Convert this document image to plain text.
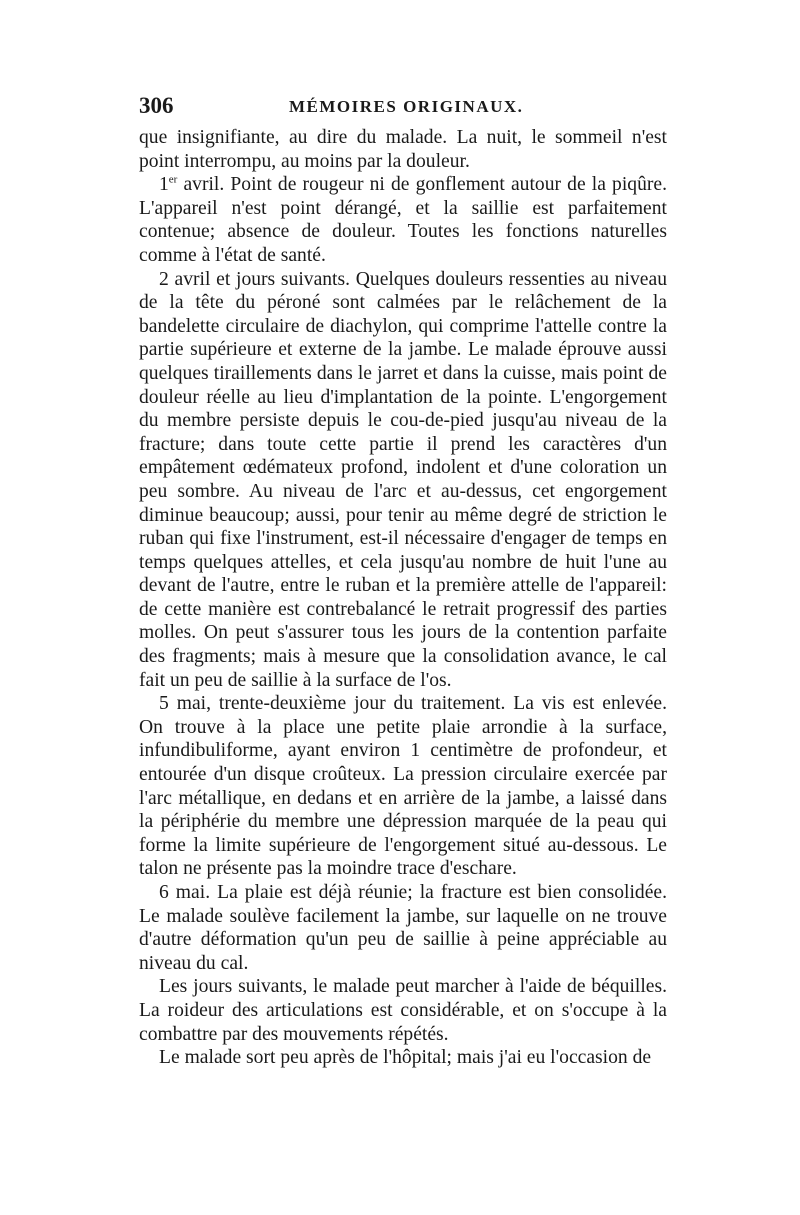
306	MÉMOIRES ORIGINAUX.

que insignifiante, au dire du malade. La nuit, le sommeil n'est point interrompu, au moins par la douleur.

1er avril. Point de rougeur ni de gonflement autour de la piqûre. L'appareil n'est point dérangé, et la saillie est parfaitement contenue; absence de douleur. Toutes les fonctions naturelles comme à l'état de santé.

2 avril et jours suivants. Quelques douleurs ressenties au niveau de la tête du péroné sont calmées par le relâchement de la bandelette circulaire de diachylon, qui comprime l'attelle contre la partie supérieure et externe de la jambe. Le malade éprouve aussi quelques tiraillements dans le jarret et dans la cuisse, mais point de douleur réelle au lieu d'implantation de la pointe. L'engorgement du membre persiste depuis le cou-de-pied jusqu'au niveau de la fracture; dans toute cette partie il prend les caractères d'un empâtement œdémateux profond, indolent et d'une coloration un peu sombre. Au niveau de l'arc et au-dessus, cet engorgement diminue beaucoup; aussi, pour tenir au même degré de striction le ruban qui fixe l'instrument, est-il nécessaire d'engager de temps en temps quelques attelles, et cela jusqu'au nombre de huit l'une au devant de l'autre, entre le ruban et la première attelle de l'appareil: de cette manière est contrebalancé le retrait progressif des parties molles. On peut s'assurer tous les jours de la contention parfaite des fragments; mais à mesure que la consolidation avance, le cal fait un peu de saillie à la surface de l'os.

5 mai, trente-deuxième jour du traitement. La vis est enlevée. On trouve à la place une petite plaie arrondie à la surface, infundibuliforme, ayant environ 1 centimètre de profondeur, et entourée d'un disque croûteux. La pression circulaire exercée par l'arc métallique, en dedans et en arrière de la jambe, a laissé dans la périphérie du membre une dépression marquée de la peau qui forme la limite supérieure de l'engorgement situé au-dessous. Le talon ne présente pas la moindre trace d'eschare.

6 mai. La plaie est déjà réunie; la fracture est bien consolidée. Le malade soulève facilement la jambe, sur laquelle on ne trouve d'autre déformation qu'un peu de saillie à peine appréciable au niveau du cal.

Les jours suivants, le malade peut marcher à l'aide de béquilles. La roideur des articulations est considérable, et on s'occupe à la combattre par des mouvements répétés.

Le malade sort peu après de l'hôpital; mais j'ai eu l'occasion de
